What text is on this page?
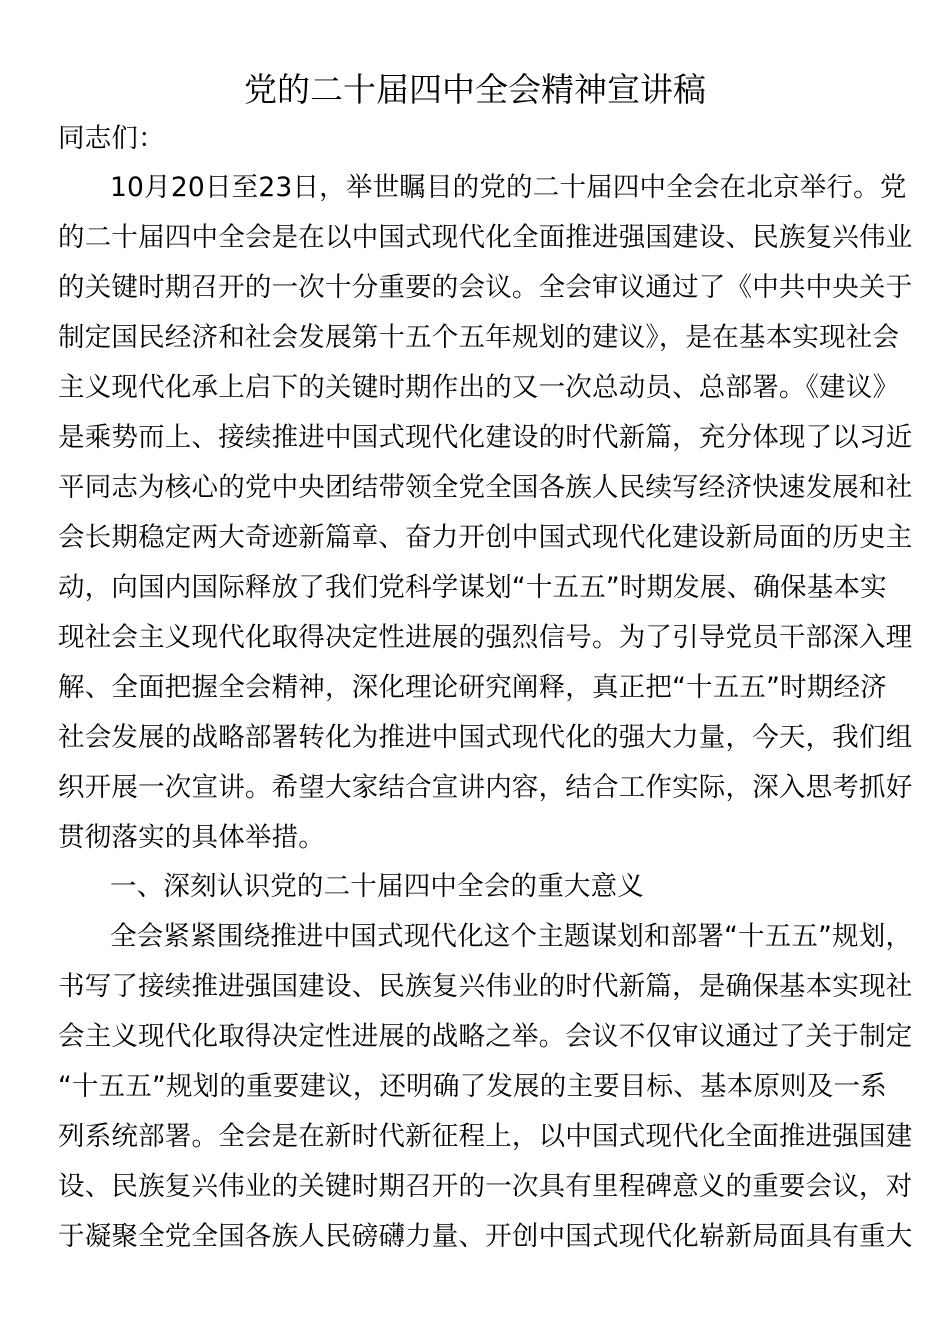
党的二十届四中全会精神宣讲稿
同志们：
10月20日至23日，举世瞩目的党的二十届四中全会在北京举行。党
的二十届四中全会是在以中国式现代化全面推进强国建设、民族复兴伟业
的关键时期召开的一次十分重要的会议。全会审议通过了《中共中央关于
制定国民经济和社会发展第十五个五年规划的建议》，是在基本实现社会
主义现代化承上启下的关键时期作出的又一次总动员、总部署。《建议》
是乘势而上、接续推进中国式现代化建设的时代新篇，充分体现了以习近
平同志为核心的党中央团结带领全党全国各族人民续写经济快速发展和社
会长期稳定两大奇迹新篇章、奋力开创中国式现代化建设新局面的历史主
动，向国内国际释放了我们党科学谋划“十五五”时期发展、确保基本实
现社会主义现代化取得决定性进展的强烈信号。为了引导党员干部深入理
解、全面把握全会精神，深化理论研究阐释，真正把“十五五”时期经济
社会发展的战略部署转化为推进中国式现代化的强大力量，今天，我们组
织开展一次宣讲。希望大家结合宣讲内容，结合工作实际，深入思考抓好
贯彻落实的具体举措。
一、深刻认识党的二十届四中全会的重大意义
全会紧紧围绕推进中国式现代化这个主题谋划和部署“十五五”规划，
书写了接续推进强国建设、民族复兴伟业的时代新篇，是确保基本实现社
会主义现代化取得决定性进展的战略之举。会议不仅审议通过了关于制定
“十五五”规划的重要建议，还明确了发展的主要目标、基本原则及一系
列系统部署。全会是在新时代新征程上，以中国式现代化全面推进强国建
设、民族复兴伟业的关键时期召开的一次具有里程碑意义的重要会议，对
于凝聚全党全国各族人民磅礴力量、开创中国式现代化崭新局面具有重大
